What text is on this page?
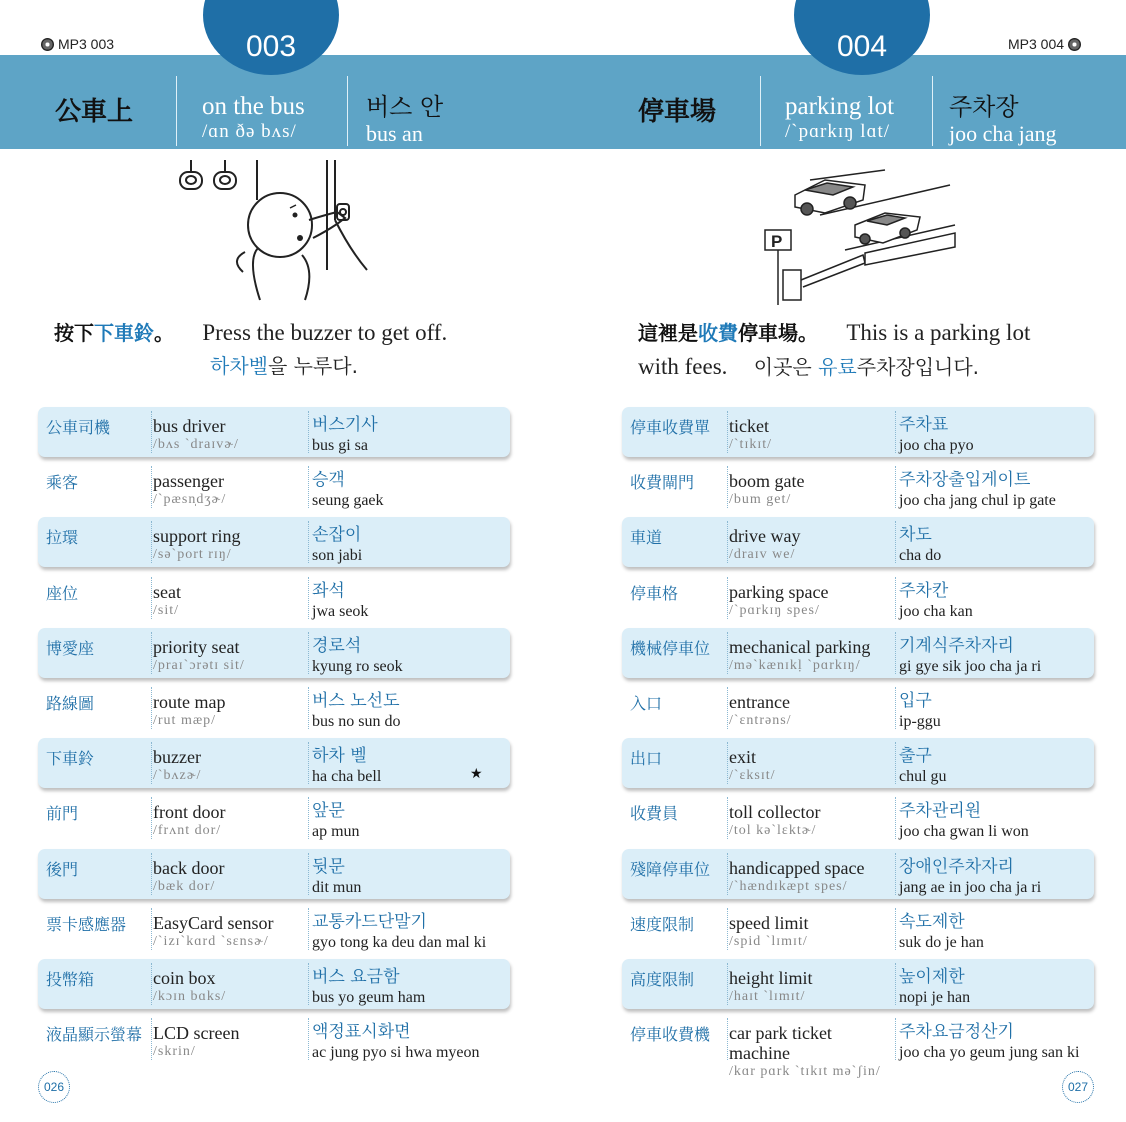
MP3 003	MP3 004
003	004
公車上	on the bus
/ɑn ðə bʌs/
버스 안
bus an
停車場	parking lot
/`pɑrkɪŋ lɑt/
주차장
joo cha jang
P
按下下車鈴。 Press the buzzer to get off.
하차벨을 누루다.
這裡是收費停車場。 This is a parking lot
with fees. 이곳은 유료주차장입니다.
公車司機	bus driver
/bʌs `draɪvɚ/
버스기사
bus gi sa
乘客	passenger
/`pæsn̩dʒɚ/
승객
seung gaek
拉環	support ring
/sə`port rɪŋ/
손잡이
son jabi
座位	seat
/sit/
좌석
jwa seok
博愛座	priority seat
/praɪ`ɔrətɪ sit/
경로석
kyung ro seok
路線圖	route map
/rut mæp/
버스 노선도
bus no sun do
下車鈴	buzzer
/`bʌzɚ/
하차 벨
ha cha bell	★
前門	front door
/frʌnt dor/
앞문
ap mun
後門	back door
/bæk dor/
뒷문
dit mun
票卡感應器	EasyCard sensor
/`izɪ`kɑrd `sɛnsɚ/
교통카드단말기
gyo tong ka deu dan mal ki
投幣箱	coin box
/kɔɪn bɑks/
버스 요금함
bus yo geum ham
液晶顯示螢幕 LCD screen
/skrin/
액정표시화면
ac jung pyo si hwa myeon
停車收費單	ticket
/`tɪkɪt/
주차표
joo cha pyo
收費閘門	boom gate
/bum get/
주차장출입게이트
joo cha jang chul ip gate
車道	drive way
/draɪv we/
차도
cha do
停車格	parking space
/`pɑrkɪŋ spes/
주차칸
joo cha kan
機械停車位	mechanical parking
/mə`kænɪkḷ `pɑrkɪŋ/
기계식주차자리
gi gye sik joo cha ja ri
入口	entrance
/`ɛntrəns/
입구
ip-ggu
出口	exit
/`ɛksɪt/
출구
chul gu
收費員	toll collector
/tol kə`lɛktɚ/
주차관리원
joo cha gwan li won
殘障停車位	handicapped space
/`hændɪkæpt spes/
장애인주차자리
jang ae in joo cha ja ri
速度限制	speed limit
/spid `lɪmɪt/
속도제한
suk do je han
高度限制	height limit
/haɪt `lɪmɪt/
높이제한
nopi je han
停車收費機	car park ticket machine
/kɑr pɑrk `tɪkɪt mə`ʃin/
주차요금정산기
joo cha yo geum jung san ki
026	027
